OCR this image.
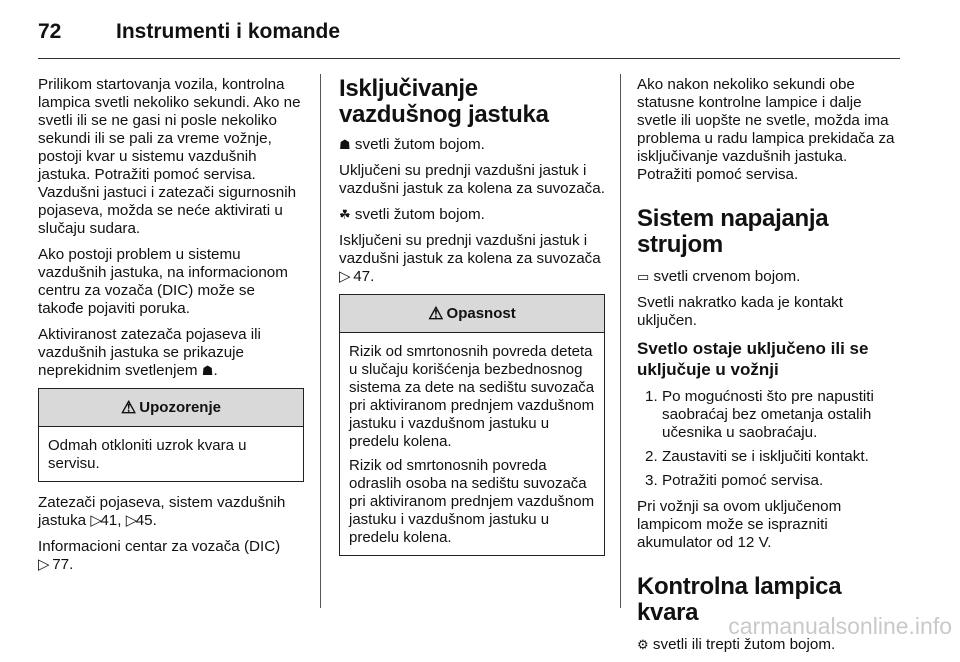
72	Instrumenti i komande

Prilikom startovanja vozila, kontrolna lampica svetli nekoliko sekundi. Ako ne svetli ili se ne gasi ni posle nekoliko sekundi ili se pali za vreme vožnje, postoji kvar u sistemu vazdušnih jastuka. Potražiti pomoć servisa. Vazdušni jastuci i zatezači sigurnosnih pojaseva, možda se neće aktivirati u slučaju sudara.

Ako postoji problem u sistemu vazdušnih jastuka, na informacionom centru za vozača (DIC) može se takođe pojaviti poruka.

Aktiviranost zatezača pojaseva ili vazdušnih jastuka se prikazuje neprekidnim svetlenjem ☗.

⚠ Upozorenje

Odmah otkloniti uzrok kvara u servisu.

Zatezači pojaseva, sistem vazdušnih jastuka ▷41, ▷45.

Informacioni centar za vozača (DIC)
▷ 77.

Isključivanje vazdušnog jastuka

☗ svetli žutom bojom.

Uključeni su prednji vazdušni jastuk i vazdušni jastuk za kolena za suvozača.

☘ svetli žutom bojom.

Isključeni su prednji vazdušni jastuk i vazdušni jastuk za kolena za suvozača ▷ 47.

⚠ Opasnost

Rizik od smrtonosnih povreda deteta u slučaju korišćenja bezbednosnog sistema za dete na sedištu suvozača pri aktiviranom prednjem vazdušnom jastuku i vazdušnom jastuku u predelu kolena.

Rizik od smrtonosnih povreda odraslih osoba na sedištu suvozača pri aktiviranom prednjem vazdušnom jastuku i vazdušnom jastuku u predelu kolena.

Ako nakon nekoliko sekundi obe statusne kontrolne lampice i dalje svetle ili uopšte ne svetle, možda ima problema u radu lampica prekidača za isključivanje vazdušnih jastuka. Potražiti pomoć servisa.

Sistem napajanja strujom

▭ svetli crvenom bojom.

Svetli nakratko kada je kontakt uključen.

Svetlo ostaje uključeno ili se uključuje u vožnji
1. Po mogućnosti što pre napustiti saobraćaj bez ometanja ostalih učesnika u saobraćaju.
2. Zaustaviti se i isključiti kontakt.
3. Potražiti pomoć servisa.

Pri vožnji sa ovom uključenom lampicom može se isprazniti akumulator od 12 V.

Kontrolna lampica kvara

⚙ svetli ili trepti žutom bojom.

carmanualsonline.info
